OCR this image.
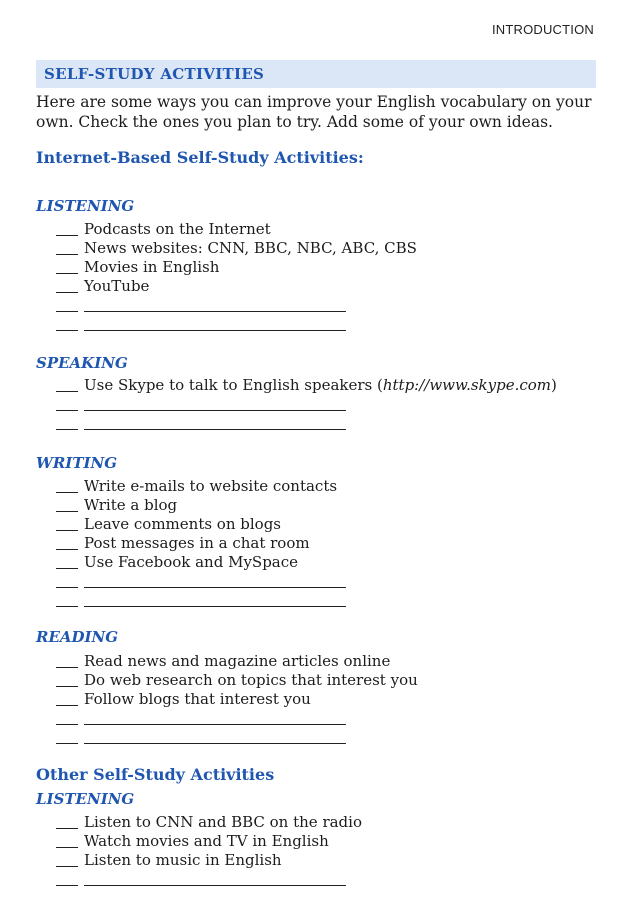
INTRODUCTION
SELF-STUDY ACTIVITIES
Here are some ways you can improve your English vocabulary on your own. Check the ones you plan to try. Add some of your own ideas.
Internet-Based Self-Study Activities:
LISTENING
Podcasts on the Internet
News websites: CNN, BBC, NBC, ABC, CBS
Movies in English
YouTube
SPEAKING
Use Skype to talk to English speakers (http://www.skype.com)
WRITING
Write e-mails to website contacts
Write a blog
Leave comments on blogs
Post messages in a chat room
Use Facebook and MySpace
READING
Read news and magazine articles online
Do web research on topics that interest you
Follow blogs that interest you
Other Self-Study Activities
LISTENING
Listen to CNN and BBC on the radio
Watch movies and TV in English
Listen to music in English
